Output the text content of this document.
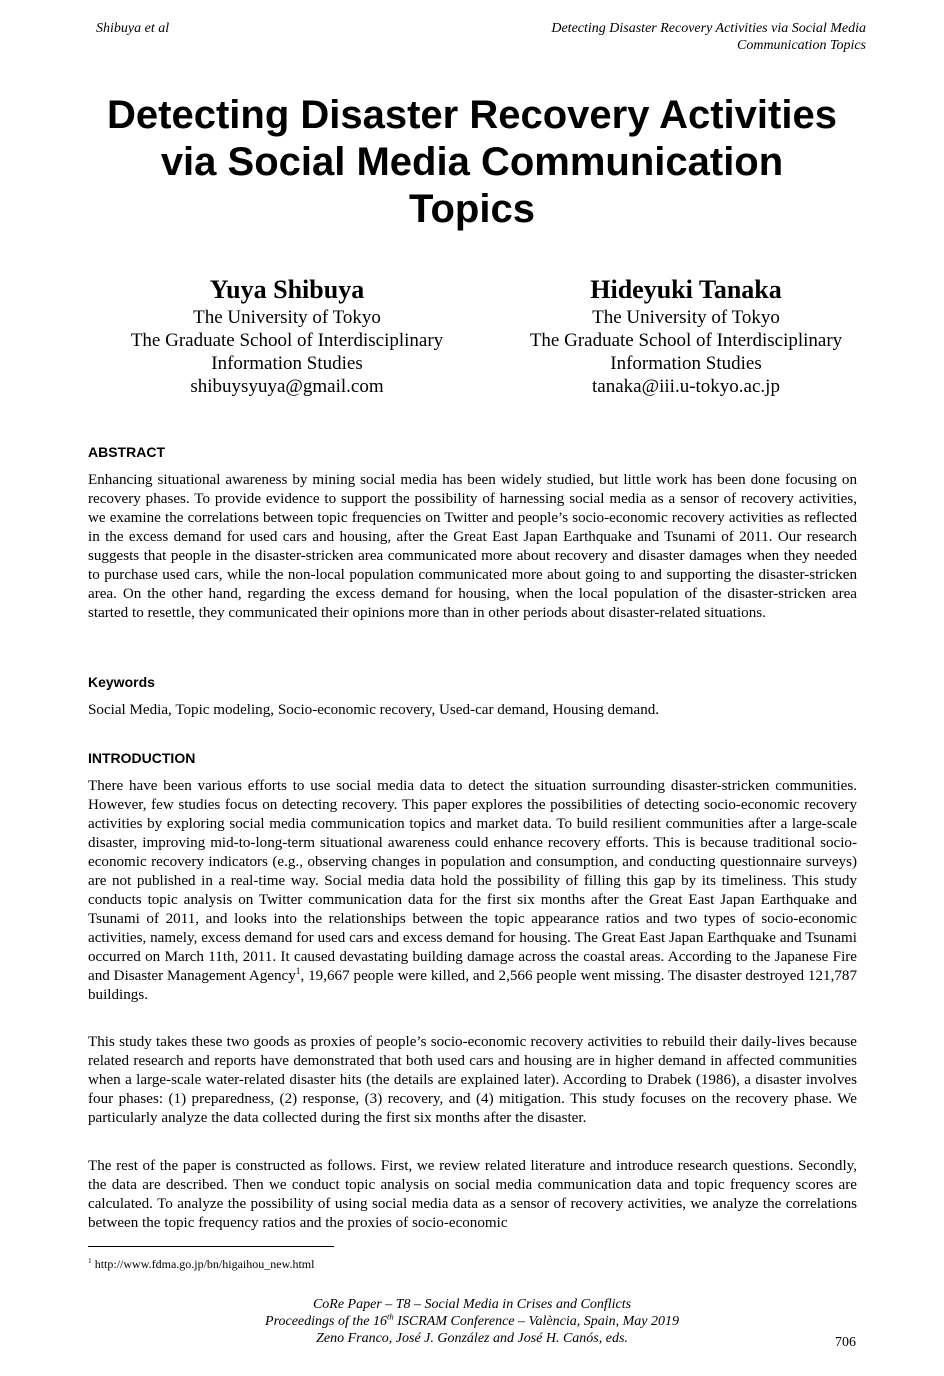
Shibuya et al	Detecting Disaster Recovery Activities via Social Media
Communication Topics
Detecting Disaster Recovery Activities
via Social Media Communication
Topics
Yuya Shibuya
The University of Tokyo
The Graduate School of Interdisciplinary
Information Studies
shibuysyuya@gmail.com
Hideyuki Tanaka
The University of Tokyo
The Graduate School of Interdisciplinary
Information Studies
tanaka@iii.u-tokyo.ac.jp
ABSTRACT
Enhancing situational awareness by mining social media has been widely studied, but little work has been done focusing on recovery phases. To provide evidence to support the possibility of harnessing social media as a sensor of recovery activities, we examine the correlations between topic frequencies on Twitter and people’s socio-economic recovery activities as reflected in the excess demand for used cars and housing, after the Great East Japan Earthquake and Tsunami of 2011. Our research suggests that people in the disaster-stricken area communicated more about recovery and disaster damages when they needed to purchase used cars, while the non-local population communicated more about going to and supporting the disaster-stricken area. On the other hand, regarding the excess demand for housing, when the local population of the disaster-stricken area started to resettle, they communicated their opinions more than in other periods about disaster-related situations.
Keywords
Social Media, Topic modeling, Socio-economic recovery, Used-car demand, Housing demand.
INTRODUCTION
There have been various efforts to use social media data to detect the situation surrounding disaster-stricken communities. However, few studies focus on detecting recovery. This paper explores the possibilities of detecting socio-economic recovery activities by exploring social media communication topics and market data. To build resilient communities after a large-scale disaster, improving mid-to-long-term situational awareness could enhance recovery efforts. This is because traditional socio-economic recovery indicators (e.g., observing changes in population and consumption, and conducting questionnaire surveys) are not published in a real-time way. Social media data hold the possibility of filling this gap by its timeliness. This study conducts topic analysis on Twitter communication data for the first six months after the Great East Japan Earthquake and Tsunami of 2011, and looks into the relationships between the topic appearance ratios and two types of socio-economic activities, namely, excess demand for used cars and excess demand for housing. The Great East Japan Earthquake and Tsunami occurred on March 11th, 2011. It caused devastating building damage across the coastal areas. According to the Japanese Fire and Disaster Management Agency$^1$, 19,667 people were killed, and 2,566 people went missing. The disaster destroyed 121,787 buildings.
This study takes these two goods as proxies of people’s socio-economic recovery activities to rebuild their daily-lives because related research and reports have demonstrated that both used cars and housing are in higher demand in affected communities when a large-scale water-related disaster hits (the details are explained later). According to Drabek (1986), a disaster involves four phases: (1) preparedness, (2) response, (3) recovery, and (4) mitigation. This study focuses on the recovery phase. We particularly analyze the data collected during the first six months after the disaster.
The rest of the paper is constructed as follows. First, we review related literature and introduce research questions. Secondly, the data are described. Then we conduct topic analysis on social media communication data and topic frequency scores are calculated. To analyze the possibility of using social media data as a sensor of recovery activities, we analyze the correlations between the topic frequency ratios and the proxies of socio-economic
$^1$ http://www.fdma.go.jp/bn/higaihou_new.html
CoRe Paper – T8 – Social Media in Crises and Conflicts
Proceedings of the 16th ISCRAM Conference – València, Spain, May 2019
Zeno Franco, José J. González and José H. Canós, eds.	706
